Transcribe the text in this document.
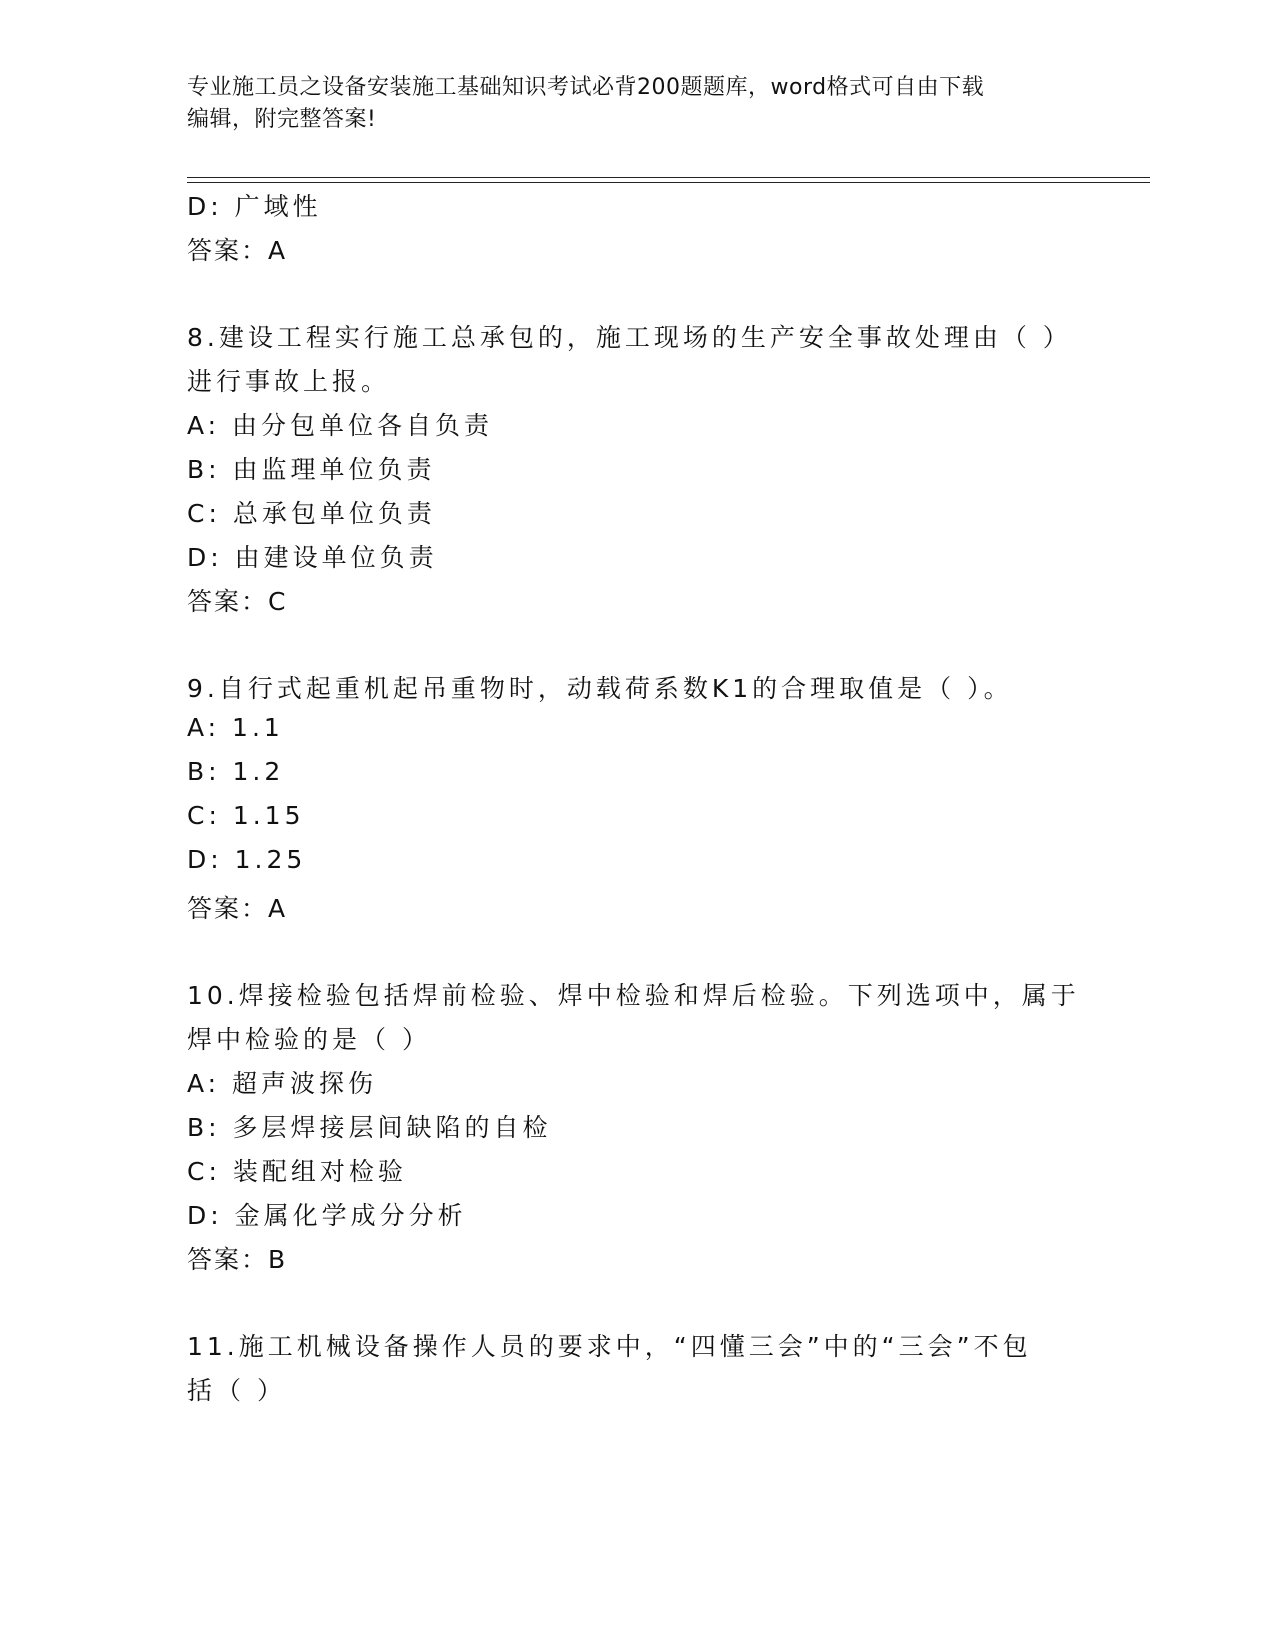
专业施工员之设备安装施工基础知识考试必背200题题库，word格式可自由下载
编辑，附完整答案!
D: 广域性
答案：A
8.建设工程实行施工总承包的，施工现场的生产安全事故处理由（ ）
进行事故上报。
A: 由分包单位各自负责
B: 由监理单位负责
C: 总承包单位负责
D: 由建设单位负责
答案：C
9.自行式起重机起吊重物时，动载荷系数K1的合理取值是（ ）。
A: 1.1
B: 1.2
C: 1.15
D: 1.25
答案：A
10.焊接检验包括焊前检验、焊中检验和焊后检验。下列选项中，属于
焊中检验的是（ ）
A: 超声波探伤
B: 多层焊接层间缺陷的自检
C: 装配组对检验
D: 金属化学成分分析
答案：B
11.施工机械设备操作人员的要求中，“四懂三会”中的“三会”不包
括（ ）
